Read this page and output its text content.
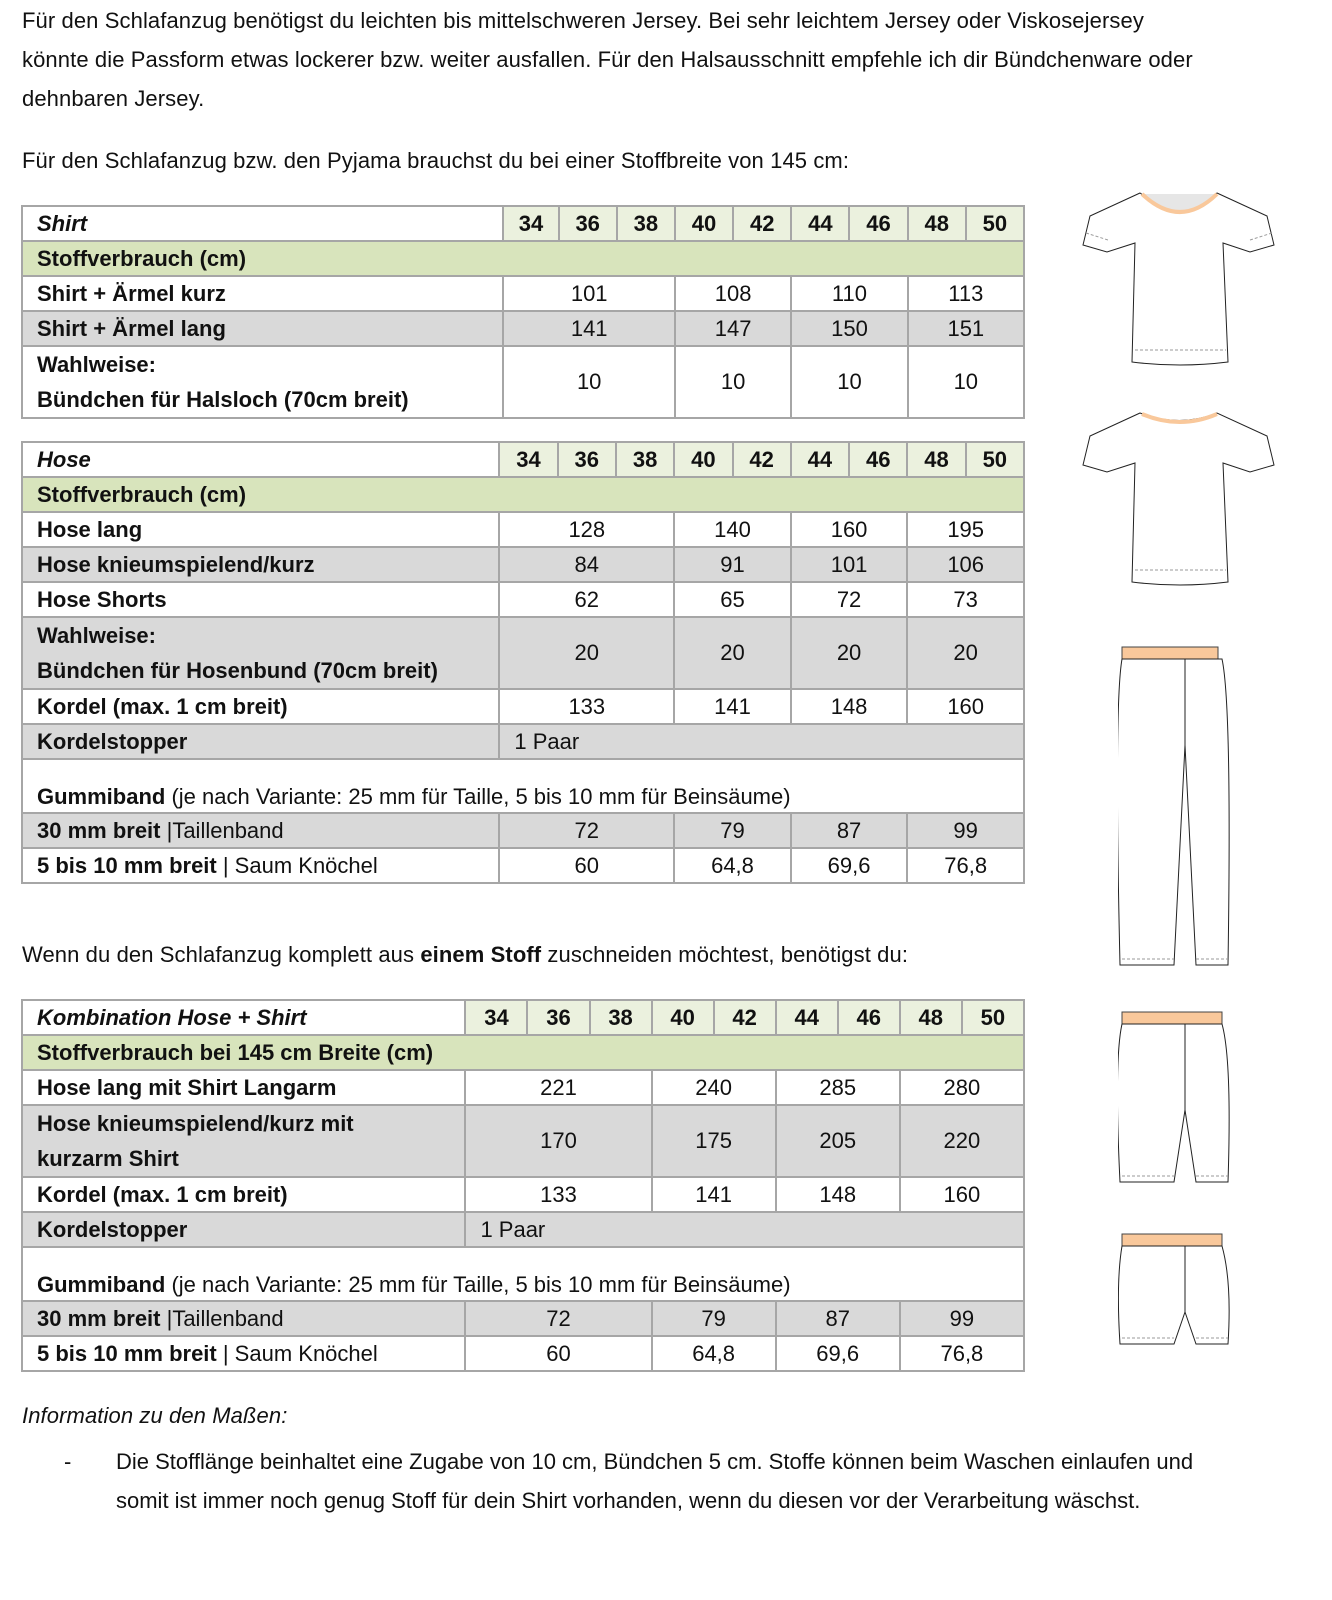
Für den Schlafanzug benötigst du leichten bis mittelschweren Jersey. Bei sehr leichtem Jersey oder Viskosejersey könnte die Passform etwas lockerer bzw. weiter ausfallen. Für den Halsausschnitt empfehle ich dir Bündchenware oder dehnbaren Jersey.
Für den Schlafanzug bzw. den Pyjama brauchst du bei einer Stoffbreite von 145 cm:
Shirt	34	36	38	40	42	44	46	48	50
Stoffverbrauch (cm)									
Shirt + Ärmel kurz	101			108		110		113	
Shirt + Ärmel lang	141			147		150		151	

Wahlweise:
Bündchen für Halsloch (70cm breit)	10			10		10		10	
Hose	34	36	38	40	42	44	46	48	50
Stoffverbrauch (cm)									
Hose lang	128			140		160		195	
Hose knieumspielend/kurz	84			91		101		106	
Hose Shorts	62			65		72		73	

Wahlweise:
Bündchen für Hosenbund (70cm breit)	20			20		20		20	
Kordel (max. 1 cm breit)	133			141		148		160	
Kordelstopper	1 Paar								
Gummiband (je nach Variante: 25 mm für Taille, 5 bis 10 mm für Beinsäume)									
30 mm breit |Taillenband	72			79		87		99	
5 bis 10 mm breit | Saum Knöchel	60			64,8		69,6		76,8	
Wenn du den Schlafanzug komplett aus einem Stoff zuschneiden möchtest, benötigst du:
Kombination Hose + Shirt	34	36	38	40	42	44	46	48	50
Stoffverbrauch bei 145 cm Breite (cm)									
Hose lang mit Shirt Langarm	221			240		285		280	

Hose knieumspielend/kurz mit
kurzarm Shirt	170			175		205		220	
Kordel (max. 1 cm breit)	133			141		148		160	
Kordelstopper	1 Paar								
Gummiband (je nach Variante: 25 mm für Taille, 5 bis 10 mm für Beinsäume)									
30 mm breit |Taillenband	72			79		87		99	
5 bis 10 mm breit | Saum Knöchel	60			64,8		69,6		76,8	
Information zu den Maßen:
- Die Stofflänge beinhaltet eine Zugabe von 10 cm, Bündchen 5 cm. Stoffe können beim Waschen einlaufen und somit ist immer noch genug Stoff für dein Shirt vorhanden, wenn du diesen vor der Verarbeitung wäschst.
